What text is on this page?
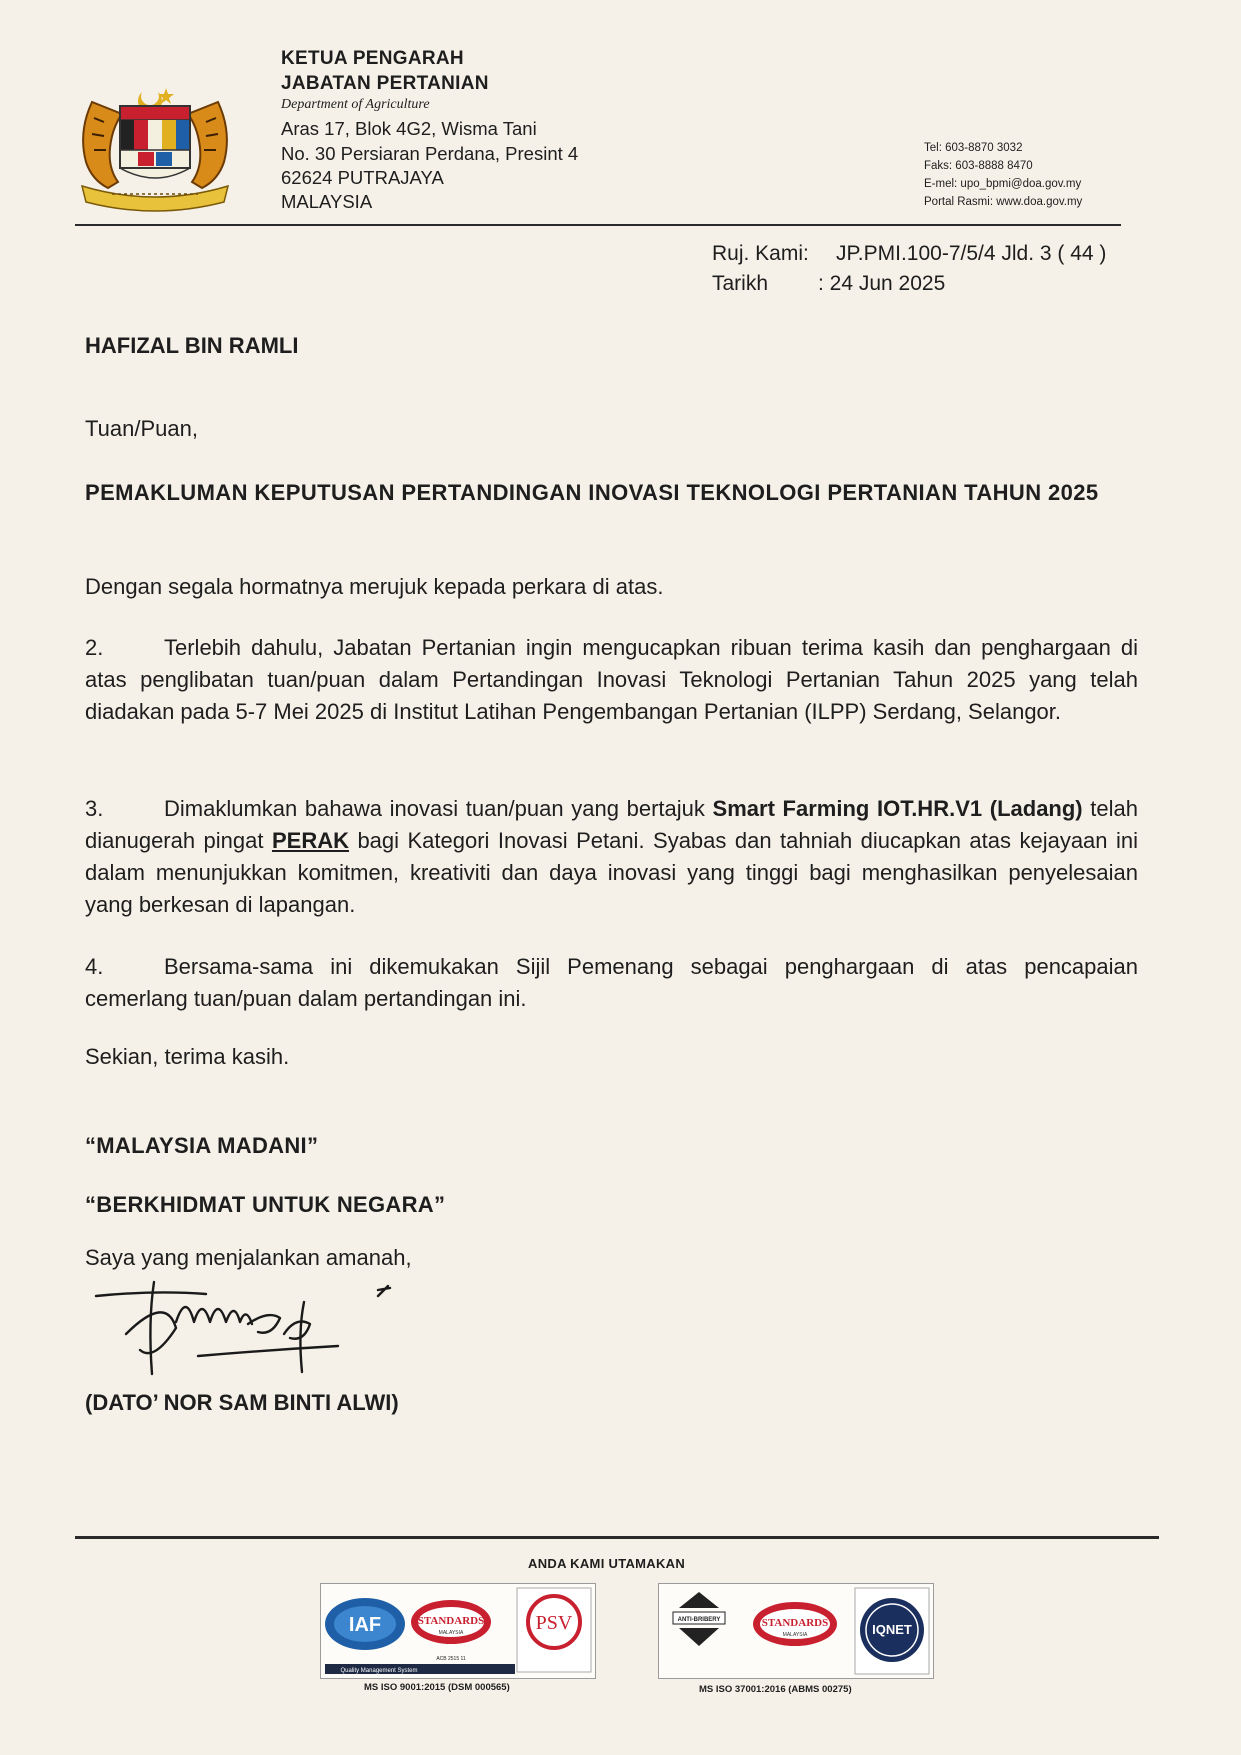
KETUA PENGARAH
JABATAN PERTANIAN
Department of Agriculture
Aras 17, Blok 4G2, Wisma Tani
No. 30 Persiaran Perdana, Presint 4
62624 PUTRAJAYA
MALAYSIA
Tel: 603-8870 3032
Faks: 603-8888 8470
E-mel: upo_bpmi@doa.gov.my
Portal Rasmi: www.doa.gov.my
Ruj. Kami: JP.PMI.100-7/5/4 Jld. 3 ( 44 )
Tarikh : 24 Jun 2025
HAFIZAL BIN RAMLI
Tuan/Puan,
PEMAKLUMAN KEPUTUSAN PERTANDINGAN INOVASI TEKNOLOGI PERTANIAN TAHUN 2025
Dengan segala hormatnya merujuk kepada perkara di atas.
2.	Terlebih dahulu, Jabatan Pertanian ingin mengucapkan ribuan terima kasih dan penghargaan di atas penglibatan tuan/puan dalam Pertandingan Inovasi Teknologi Pertanian Tahun 2025 yang telah diadakan pada 5-7 Mei 2025 di Institut Latihan Pengembangan Pertanian (ILPP) Serdang, Selangor.
3.	Dimaklumkan bahawa inovasi tuan/puan yang bertajuk Smart Farming IOT.HR.V1 (Ladang) telah dianugerah pingat PERAK bagi Kategori Inovasi Petani. Syabas dan tahniah diucapkan atas kejayaan ini dalam menunjukkan komitmen, kreativiti dan daya inovasi yang tinggi bagi menghasilkan penyelesaian yang berkesan di lapangan.
4.	Bersama-sama ini dikemukakan Sijil Pemenang sebagai penghargaan di atas pencapaian cemerlang tuan/puan dalam pertandingan ini.
Sekian, terima kasih.
“MALAYSIA MADANI”
“BERKHIDMAT UNTUK NEGARA”
Saya yang menjalankan amanah,
(DATO’ NOR SAM BINTI ALWI)
ANDA KAMI UTAMAKAN
IAF	STANDARDS
MALAYSIA
ACB 2515 11
PSV
Quality Management System
MS ISO 9001:2015 (DSM 000565)
ANTI-BRIBERY	STANDARDS
MALAYSIA	IQNET
MS ISO 37001:2016 (ABMS 00275)
